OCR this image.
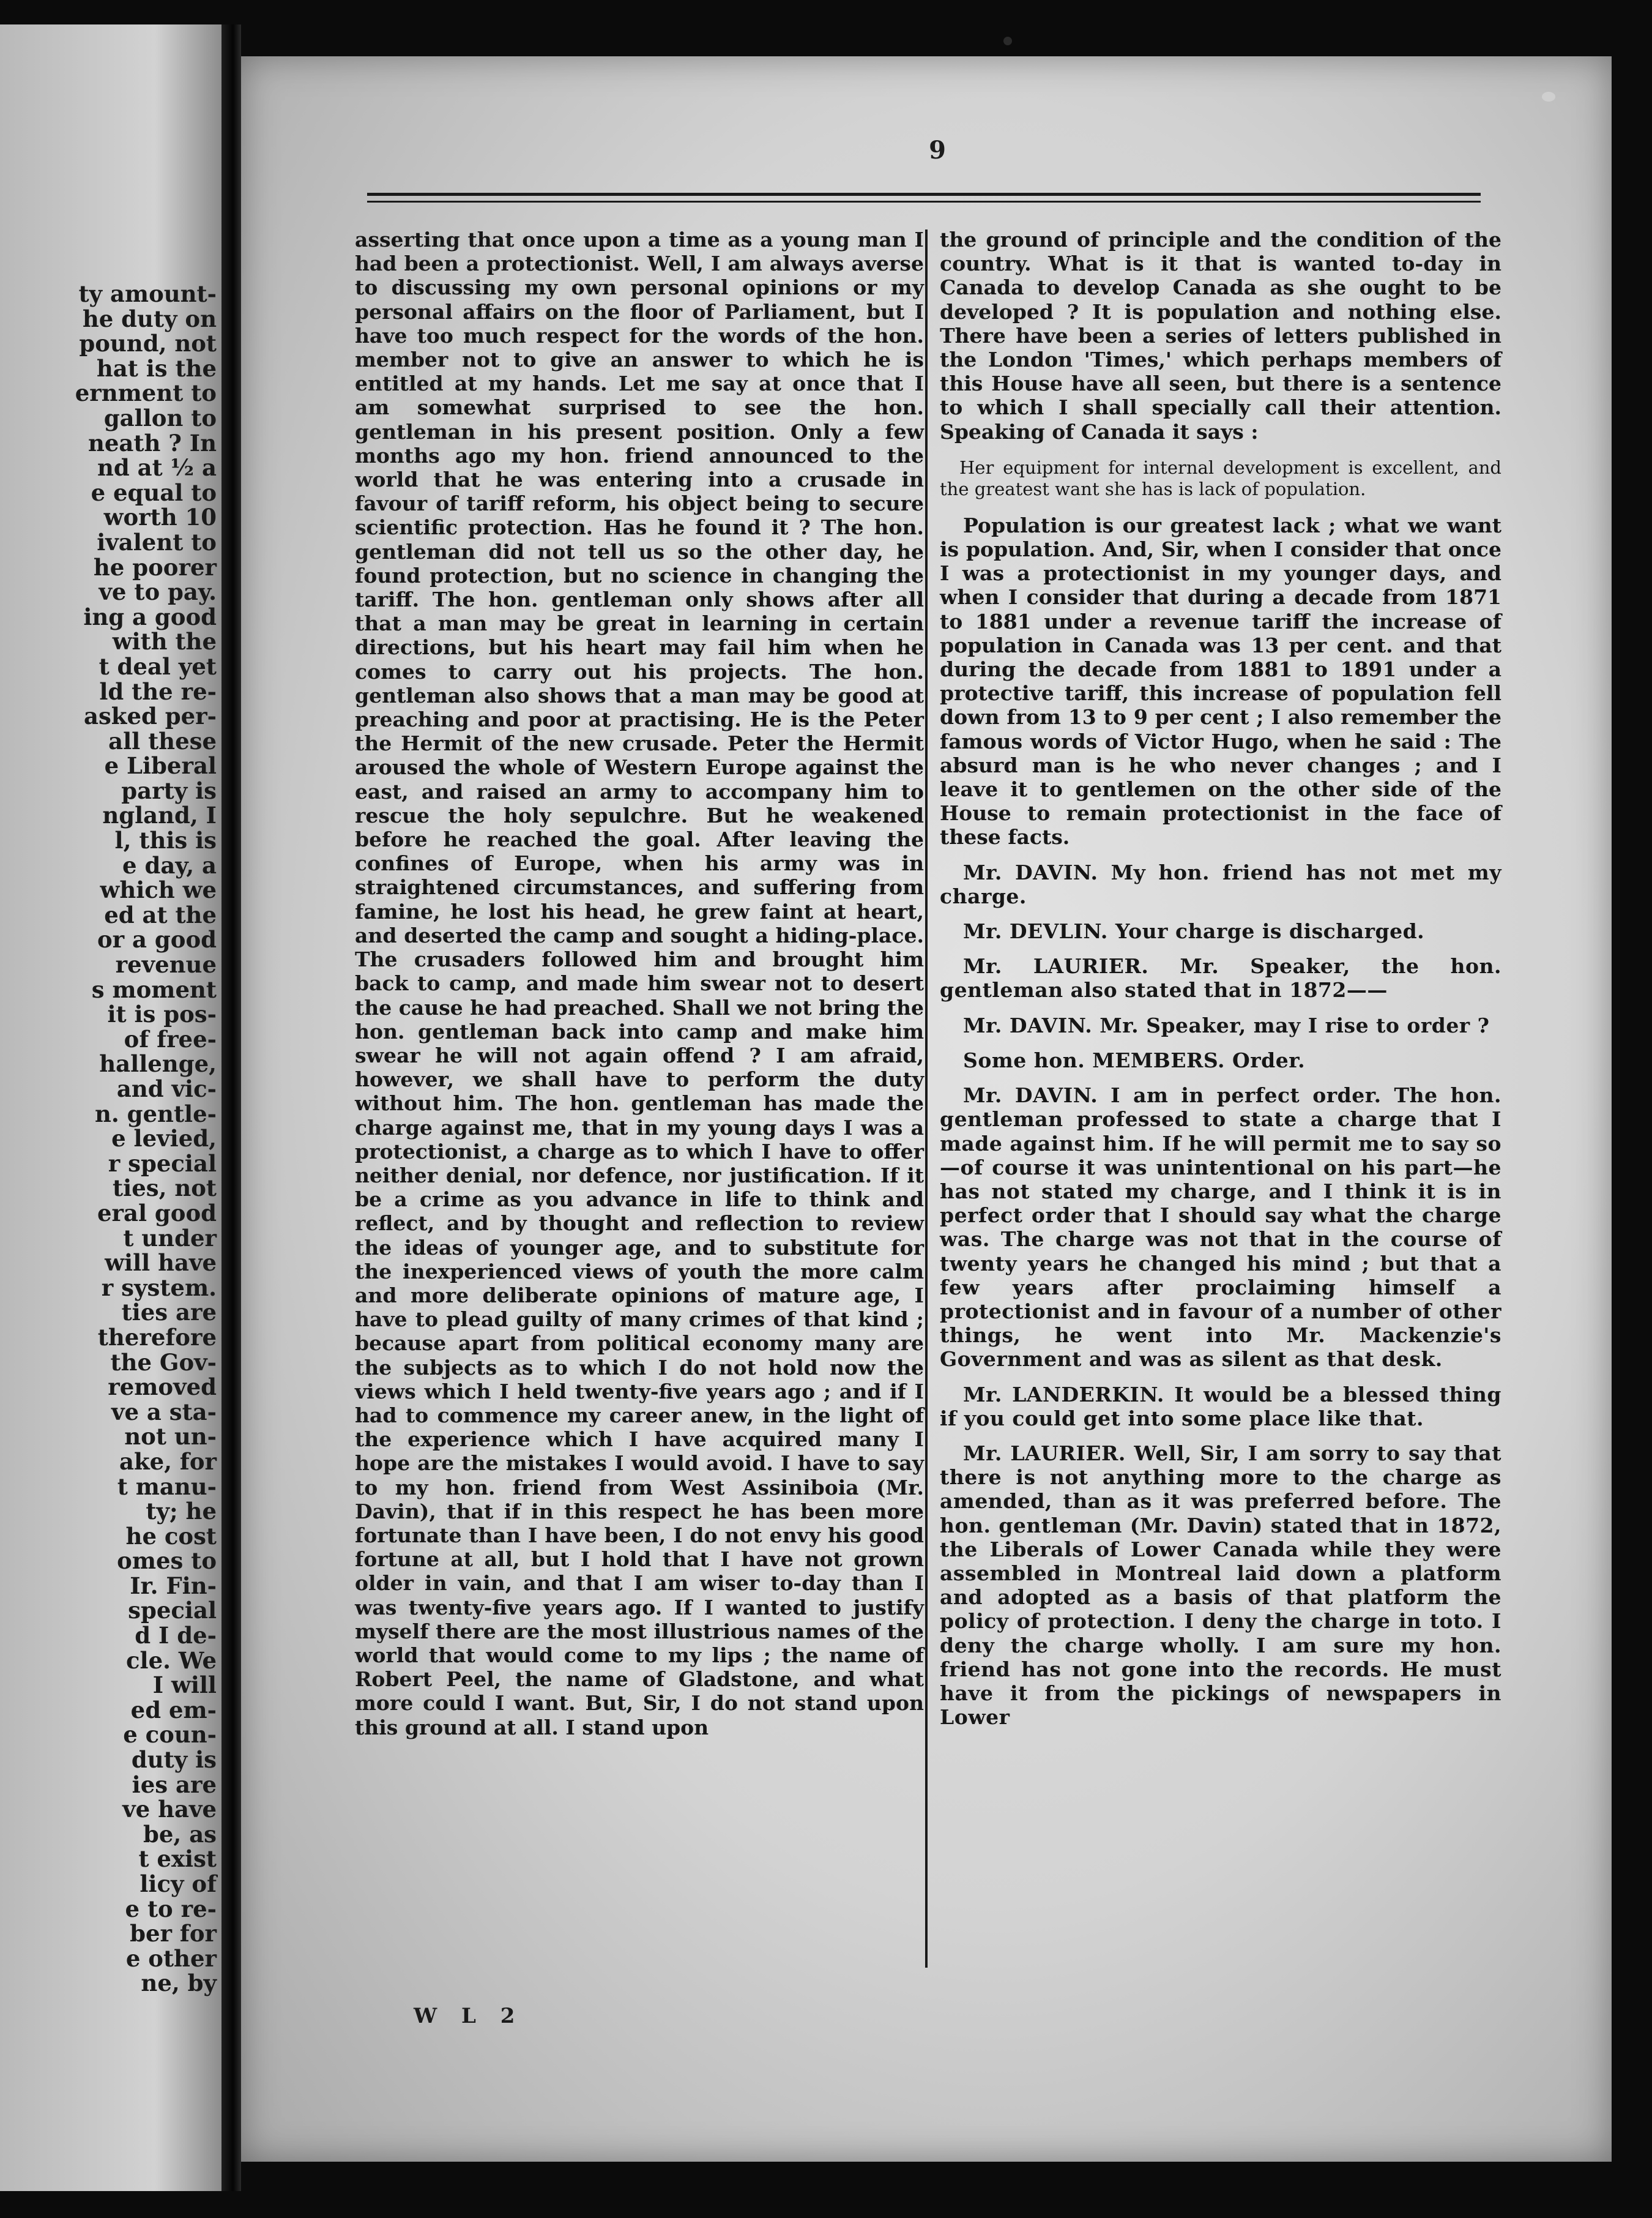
ty amount-
he duty on
pound, not
hat is the
ernment to
gallon to
neath ? In
nd at ½ a
e equal to
worth 10
ivalent to
he poorer
ve to pay.
ing a good
with the
t deal yet
ld the re-
asked per-
all these
e Liberal
party is
ngland, I
l, this is
e day, a
which we
ed at the
or a good
revenue
s moment
it is pos-
of free-
hallenge,
and vic-
n. gentle-
e levied,
r special
ties, not
eral good
t under
will have
r system.
ties are
therefore
the Gov-
removed
ve a sta-
not un-
ake, for
t manu-
ty; he
he cost
omes to
Ir. Fin-
special
d I de-
cle. We
I will
ed em-
e coun-
duty is
ies are
ve have
be, as
t exist
licy of
e to re-
ber for
e other
ne, by
9

asserting that once upon a time as a young man I had been a protectionist. Well, I am always averse to discussing my own personal opinions or my personal affairs on the floor of Parliament, but I have too much respect for the words of the hon. member not to give an answer to which he is entitled at my hands. Let me say at once that I am somewhat surprised to see the hon. gentleman in his present position. Only a few months ago my hon. friend announced to the world that he was entering into a crusade in favour of tariff reform, his object being to secure scientific protection. Has he found it ? The hon. gentleman did not tell us so the other day, he found protection, but no science in changing the tariff. The hon. gentleman only shows after all that a man may be great in learning in certain directions, but his heart may fail him when he comes to carry out his projects. The hon. gentleman also shows that a man may be good at preaching and poor at practising. He is the Peter the Hermit of the new crusade. Peter the Hermit aroused the whole of Western Europe against the east, and raised an army to accompany him to rescue the holy sepulchre. But he weakened before he reached the goal. After leaving the confines of Europe, when his army was in straightened circumstances, and suffering from famine, he lost his head, he grew faint at heart, and deserted the camp and sought a hiding-place. The crusaders followed him and brought him back to camp, and made him swear not to desert the cause he had preached. Shall we not bring the hon. gentleman back into camp and make him swear he will not again offend ? I am afraid, however, we shall have to perform the duty without him. The hon. gentleman has made the charge against me, that in my young days I was a protectionist, a charge as to which I have to offer neither denial, nor defence, nor justification. If it be a crime as you advance in life to think and reflect, and by thought and reflection to review the ideas of younger age, and to substitute for the inexperienced views of youth the more calm and more deliberate opinions of mature age, I have to plead guilty of many crimes of that kind ; because apart from political economy many are the subjects as to which I do not hold now the views which I held twenty-five years ago ; and if I had to commence my career anew, in the light of the experience which I have acquired many I hope are the mistakes I would avoid. I have to say to my hon. friend from West Assiniboia (Mr. Davin), that if in this respect he has been more fortunate than I have been, I do not envy his good fortune at all, but I hold that I have not grown older in vain, and that I am wiser to-day than I was twenty-five years ago. If I wanted to justify myself there are the most illustrious names of the world that would come to my lips ; the name of Robert Peel, the name of Gladstone, and what more could I want. But, Sir, I do not stand upon this ground at all. I stand upon

the ground of principle and the condition of the country. What is it that is wanted to-day in Canada to develop Canada as she ought to be developed ? It is population and nothing else. There have been a series of letters published in the London 'Times,' which perhaps members of this House have all seen, but there is a sentence to which I shall specially call their attention. Speaking of Canada it says :

Her equipment for internal development is excellent, and the greatest want she has is lack of population.

Population is our greatest lack ; what we want is population. And, Sir, when I consider that once I was a protectionist in my younger days, and when I consider that during a decade from 1871 to 1881 under a revenue tariff the increase of population in Canada was 13 per cent. and that during the decade from 1881 to 1891 under a protective tariff, this increase of population fell down from 13 to 9 per cent ; I also remember the famous words of Victor Hugo, when he said : The absurd man is he who never changes ; and I leave it to gentlemen on the other side of the House to remain protectionist in the face of these facts.

Mr. DAVIN. My hon. friend has not met my charge.

Mr. DEVLIN. Your charge is discharged.

Mr. LAURIER. Mr. Speaker, the hon. gentleman also stated that in 1872——

Mr. DAVIN. Mr. Speaker, may I rise to order ?

Some hon. MEMBERS. Order.

Mr. DAVIN. I am in perfect order. The hon. gentleman professed to state a charge that I made against him. If he will permit me to say so—of course it was unintentional on his part—he has not stated my charge, and I think it is in perfect order that I should say what the charge was. The charge was not that in the course of twenty years he changed his mind ; but that a few years after proclaiming himself a protectionist and in favour of a number of other things, he went into Mr. Mackenzie's Government and was as silent as that desk.

Mr. LANDERKIN. It would be a blessed thing if you could get into some place like that.

Mr. LAURIER. Well, Sir, I am sorry to say that there is not anything more to the charge as amended, than as it was preferred before. The hon. gentleman (Mr. Davin) stated that in 1872, the Liberals of Lower Canada while they were assembled in Montreal laid down a platform and adopted as a basis of that platform the policy of protection. I deny the charge in toto. I deny the charge wholly. I am sure my hon. friend has not gone into the records. He must have it from the pickings of newspapers in Lower

W L 2
